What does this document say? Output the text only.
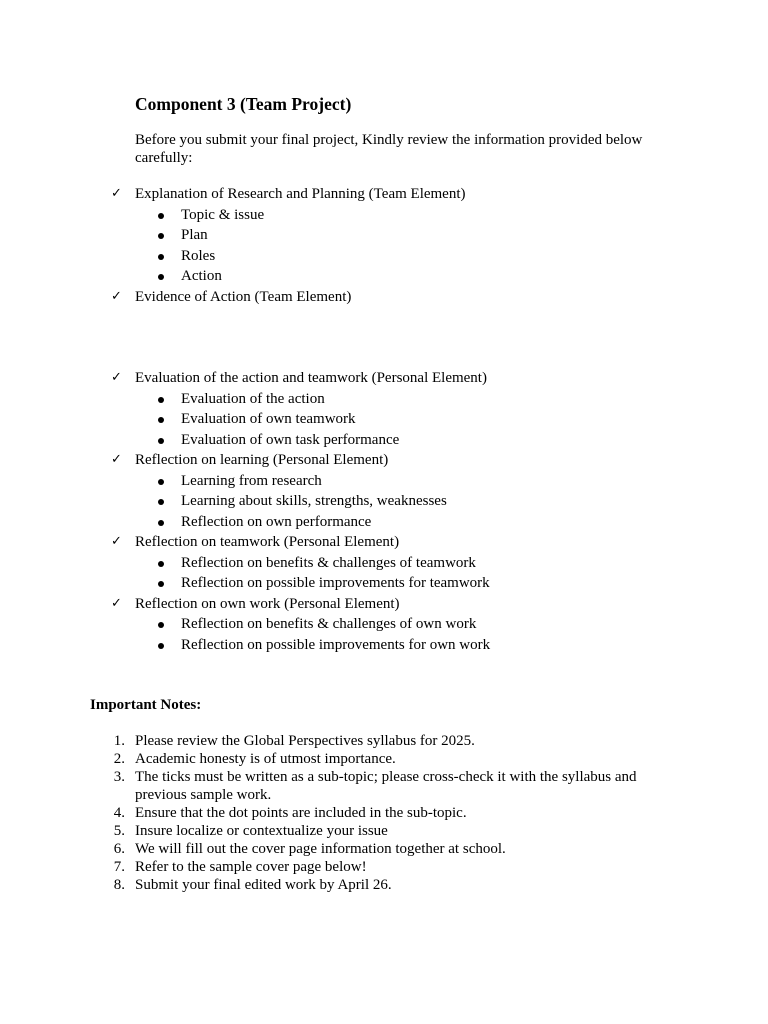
Component 3 (Team Project)
Before you submit your final project, Kindly review the information provided below carefully:
✓ Explanation of Research and Planning (Team Element)
Topic & issue
Plan
Roles
Action
✓ Evidence of Action (Team Element)
✓ Evaluation of the action and teamwork (Personal Element)
Evaluation of the action
Evaluation of own teamwork
Evaluation of own task performance
✓ Reflection on learning (Personal Element)
Learning from research
Learning about skills, strengths, weaknesses
Reflection on own performance
✓ Reflection on teamwork (Personal Element)
Reflection on benefits & challenges of teamwork
Reflection on possible improvements for teamwork
✓ Reflection on own work (Personal Element)
Reflection on benefits & challenges of own work
Reflection on possible improvements for own work
Important Notes:
1. Please review the Global Perspectives syllabus for 2025.
2. Academic honesty is of utmost importance.
3. The ticks must be written as a sub-topic; please cross-check it with the syllabus and previous sample work.
4. Ensure that the dot points are included in the sub-topic.
5. Insure localize or contextualize your issue
6. We will fill out the cover page information together at school.
7. Refer to the sample cover page below!
8. Submit your final edited work by April 26.
